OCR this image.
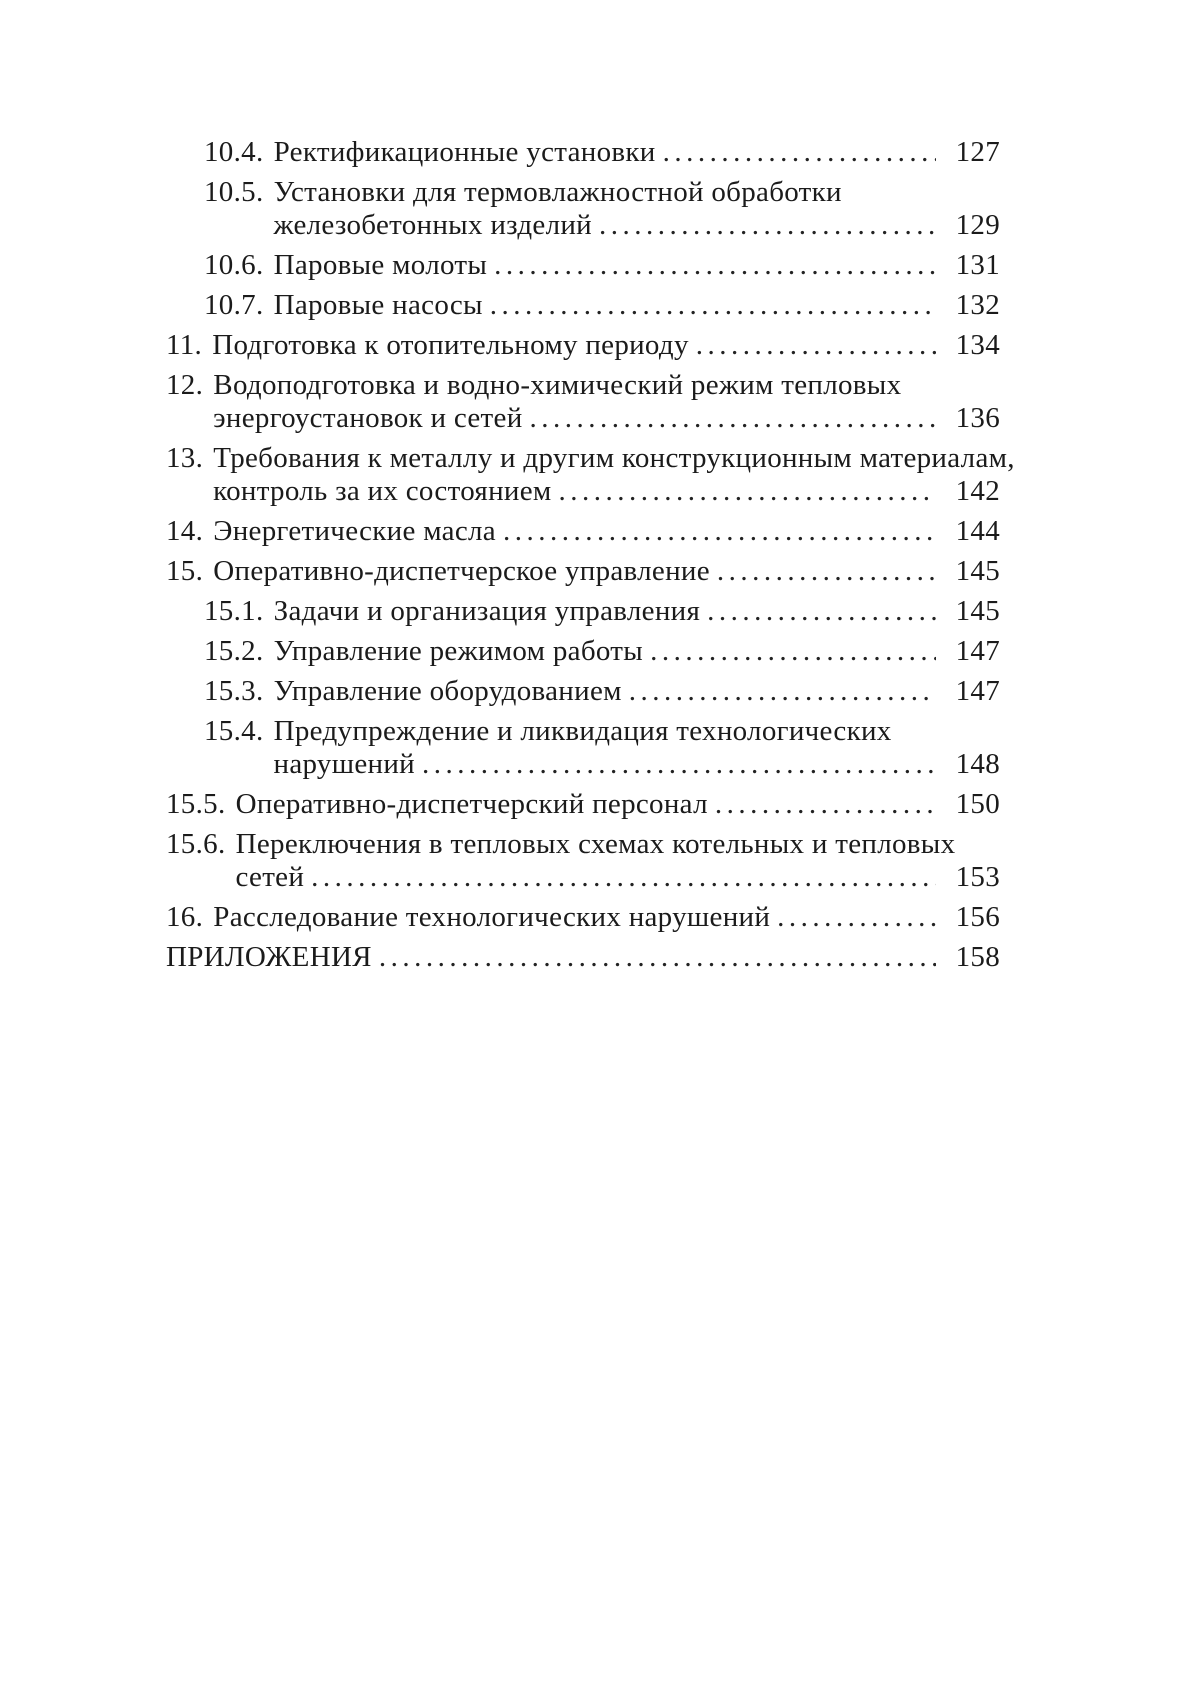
10.4. Ректификационные установки .....	127
10.5. Установки для термовлажностной обработки
железобетонных изделий .....	129
10.6. Паровые молоты .....	131
10.7. Паровые насосы .....	132
11. Подготовка к отопительному периоду .....	134
12. Водоподготовка и водно-химический режим тепловых
энергоустановок и сетей .....	136
13. Требования к металлу и другим конструкционным материалам,
контроль за их состоянием .....	142
14. Энергетические масла .....	144
15. Оперативно-диспетчерское управление .....	145
15.1. Задачи и организация управления .....	145
15.2. Управление режимом работы .....	147
15.3. Управление оборудованием .....	147
15.4. Предупреждение и ликвидация технологических
нарушений .....	148
15.5. Оперативно-диспетчерский персонал .....	150
15.6. Переключения в тепловых схемах котельных и тепловых
сетей .....	153
16. Расследование технологических нарушений .....	156
ПРИЛОЖЕНИЯ .....	158
